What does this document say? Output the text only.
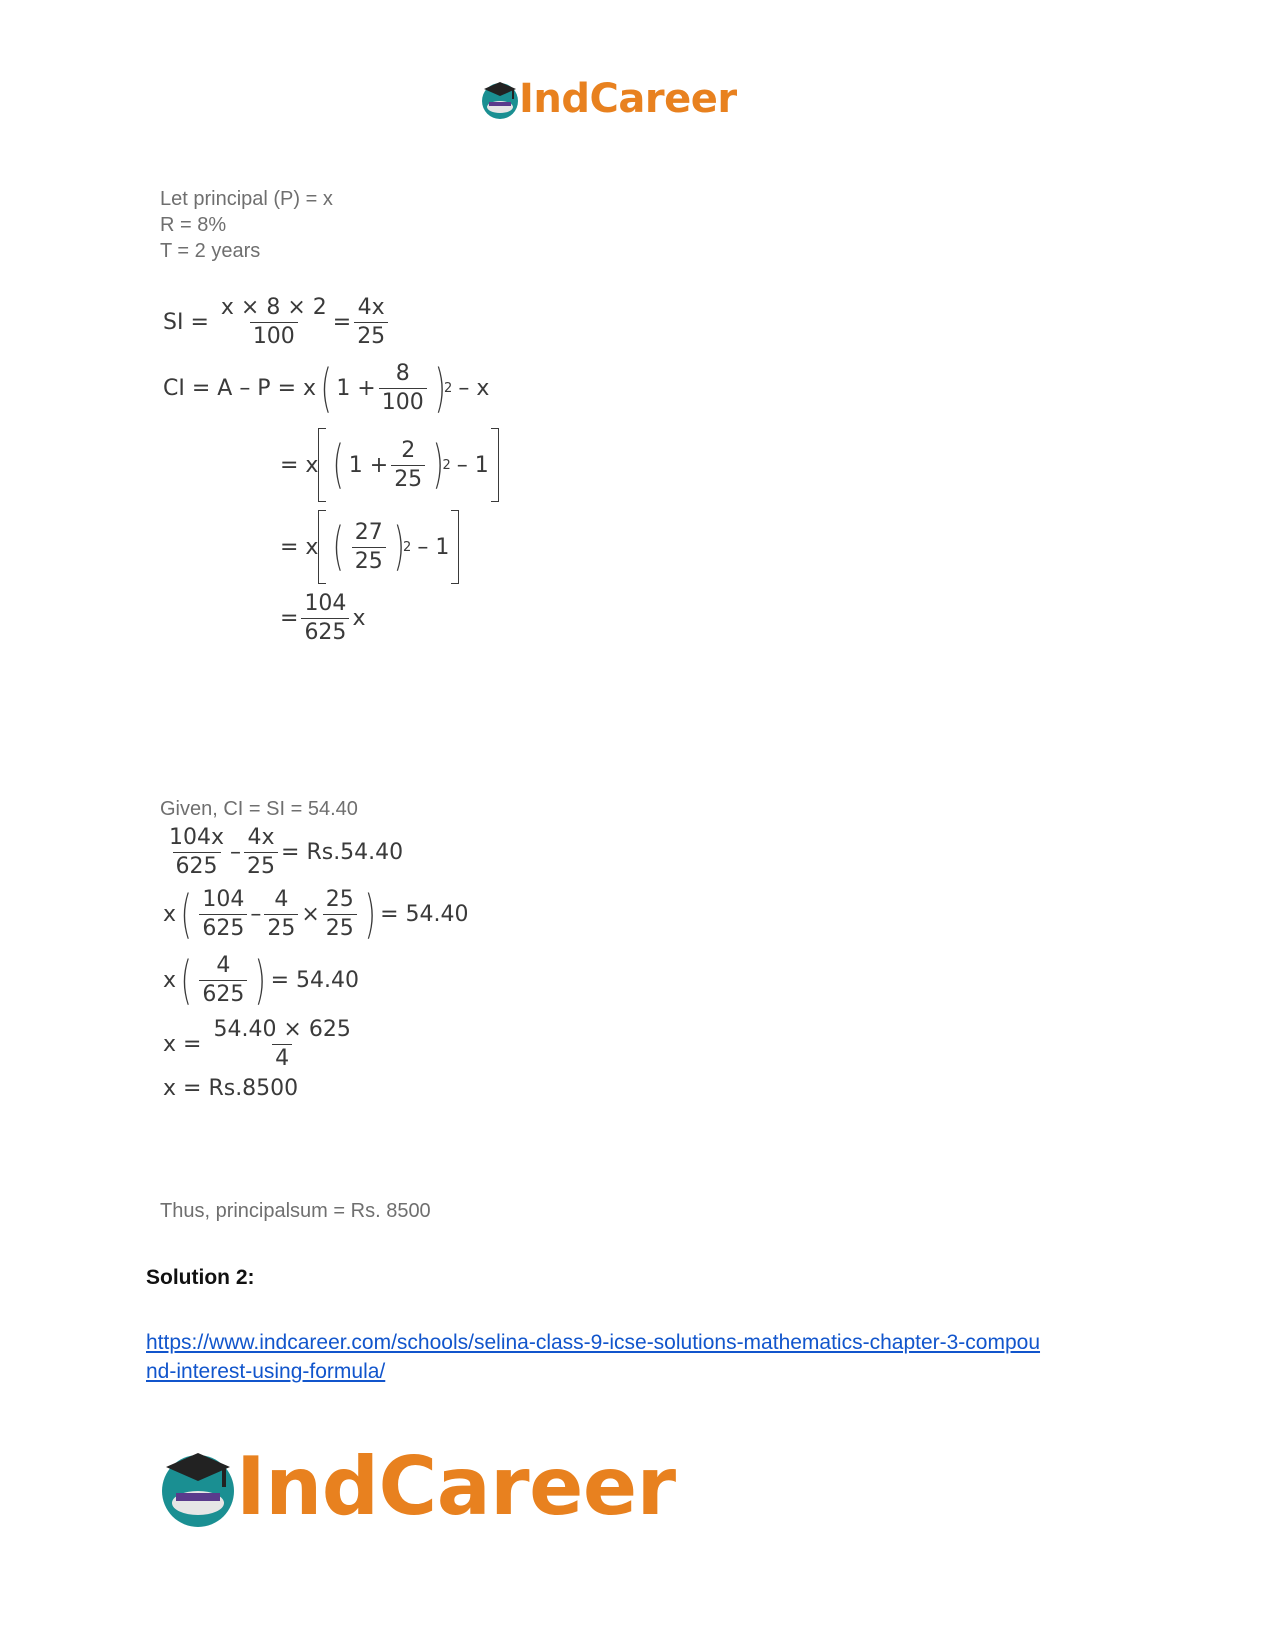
IndCareer
Let principal (P) = x
R = 8%
T = 2 years
SI = $\frac{x \times 8 \times 2}{100} = \frac{4x}{25}$
CI = A – P = x ( $1 + \frac{8}{100}$ )
2 – x
= x ( $1 + \frac{2}{25}$ )
2 – 1
= x ( $\frac{27}{25}$ )
2 – 1
= $\frac{104}{625}$ x
Given, CI = SI = 54.40
$\frac{104x}{625} - \frac{4x}{25} = Rs.54.40$
x ( $\frac{104}{625} - \frac{4}{25} \times \frac{25}{25}$ ) = 54.40
x ( $\frac{4}{625}$ ) = 54.40
$x = \frac{54.40 \times 625}{4}$
x = Rs.8500
Thus, principalsum = Rs. 8500
Solution 2:
https://www.indcareer.com/schools/selina-class-9-icse-solutions-mathematics-chapter-3-compou
nd-interest-using-formula/
IndCareer
